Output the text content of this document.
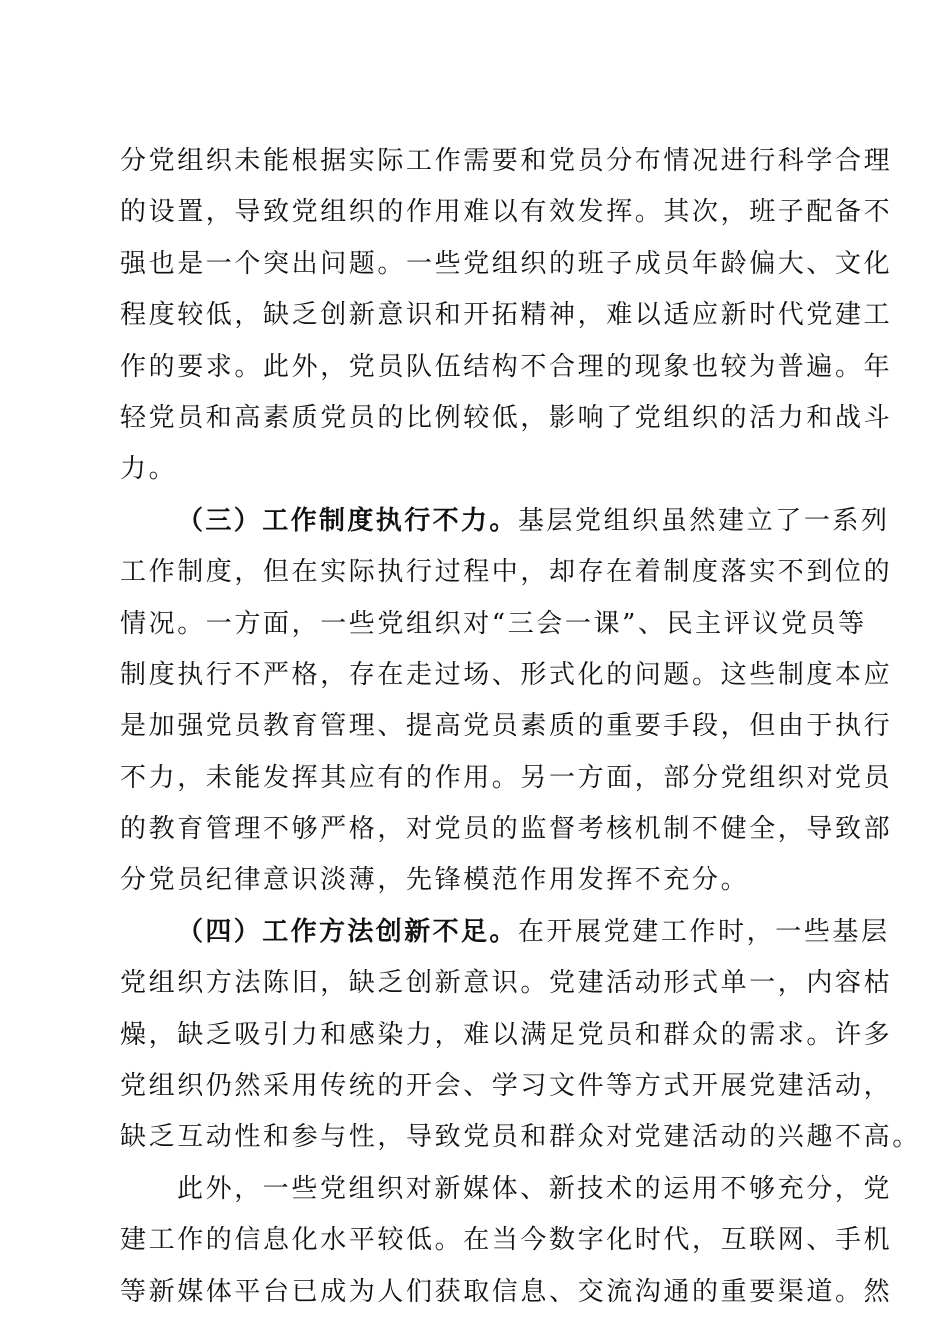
分党组织未能根据实际工作需要和党员分布情况进行科学合理
的设置，导致党组织的作用难以有效发挥。其次，班子配备不
强也是一个突出问题。一些党组织的班子成员年龄偏大、文化
程度较低，缺乏创新意识和开拓精神，难以适应新时代党建工
作的要求。此外，党员队伍结构不合理的现象也较为普遍。年
轻党员和高素质党员的比例较低，影响了党组织的活力和战斗
力。
（三）工作制度执行不力。基层党组织虽然建立了一系列
工作制度，但在实际执行过程中，却存在着制度落实不到位的
情况。一方面，一些党组织对“三会一课”、民主评议党员等
制度执行不严格，存在走过场、形式化的问题。这些制度本应
是加强党员教育管理、提高党员素质的重要手段，但由于执行
不力，未能发挥其应有的作用。另一方面，部分党组织对党员
的教育管理不够严格，对党员的监督考核机制不健全，导致部
分党员纪律意识淡薄，先锋模范作用发挥不充分。
（四）工作方法创新不足。在开展党建工作时，一些基层
党组织方法陈旧，缺乏创新意识。党建活动形式单一，内容枯
燥，缺乏吸引力和感染力，难以满足党员和群众的需求。许多
党组织仍然采用传统的开会、学习文件等方式开展党建活动，
缺乏互动性和参与性，导致党员和群众对党建活动的兴趣不高。
此外，一些党组织对新媒体、新技术的运用不够充分，党
建工作的信息化水平较低。在当今数字化时代，互联网、手机
等新媒体平台已成为人们获取信息、交流沟通的重要渠道。然
